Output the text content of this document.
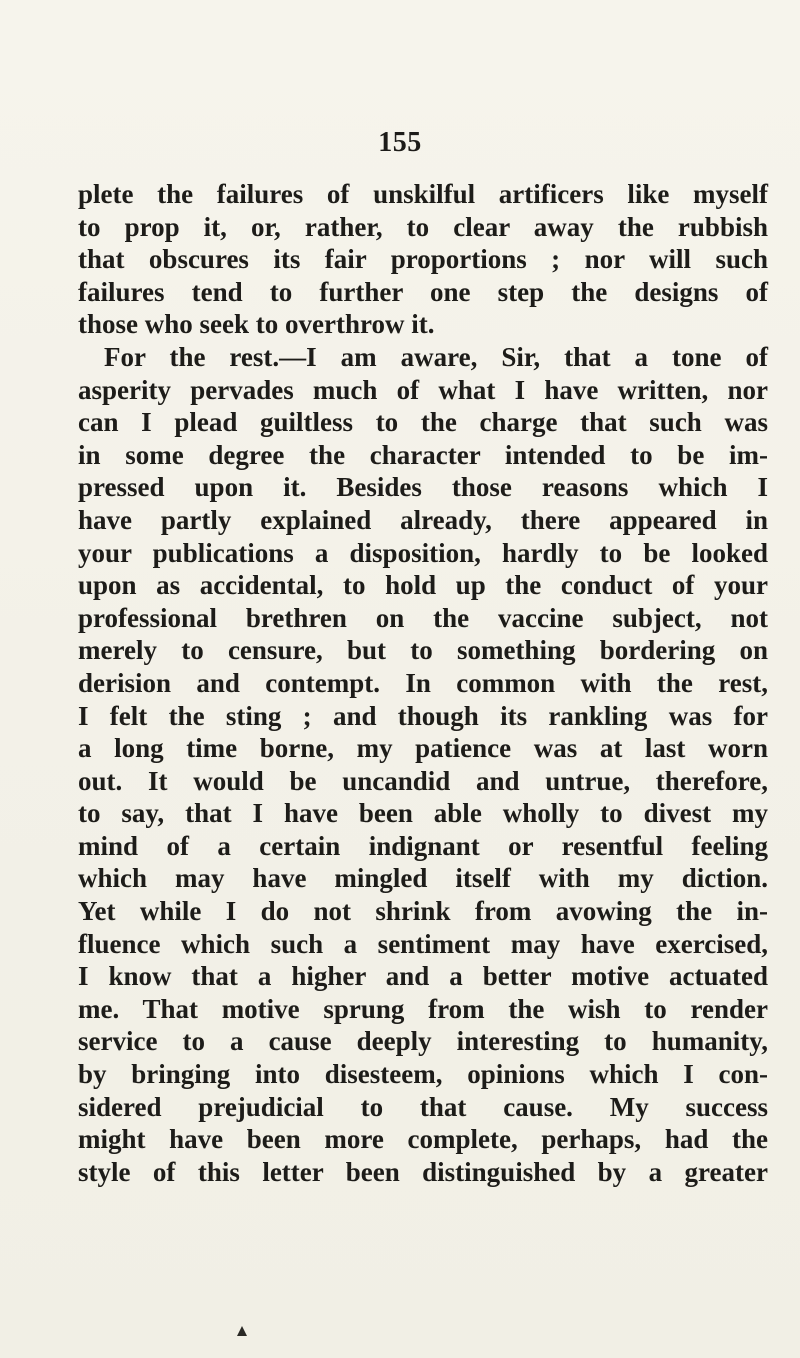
155
plete the failures of unskilful artificers like myself
to prop it, or, rather, to clear away the rubbish
that obscures its fair proportions ; nor will such
failures tend to further one step the designs of
those who seek to overthrow it.
For the rest.—I am aware, Sir, that a tone of
asperity pervades much of what I have written, nor
can I plead guiltless to the charge that such was
in some degree the character intended to be im-
pressed upon it. Besides those reasons which I
have partly explained already, there appeared in
your publications a disposition, hardly to be looked
upon as accidental, to hold up the conduct of your
professional brethren on the vaccine subject, not
merely to censure, but to something bordering on
derision and contempt. In common with the rest,
I felt the sting ; and though its rankling was for
a long time borne, my patience was at last worn
out. It would be uncandid and untrue, therefore,
to say, that I have been able wholly to divest my
mind of a certain indignant or resentful feeling
which may have mingled itself with my diction.
Yet while I do not shrink from avowing the in-
fluence which such a sentiment may have exercised,
I know that a higher and a better motive actuated
me. That motive sprung from the wish to render
service to a cause deeply interesting to humanity,
by bringing into disesteem, opinions which I con-
sidered prejudicial to that cause. My success
might have been more complete, perhaps, had the
style of this letter been distinguished by a greater
